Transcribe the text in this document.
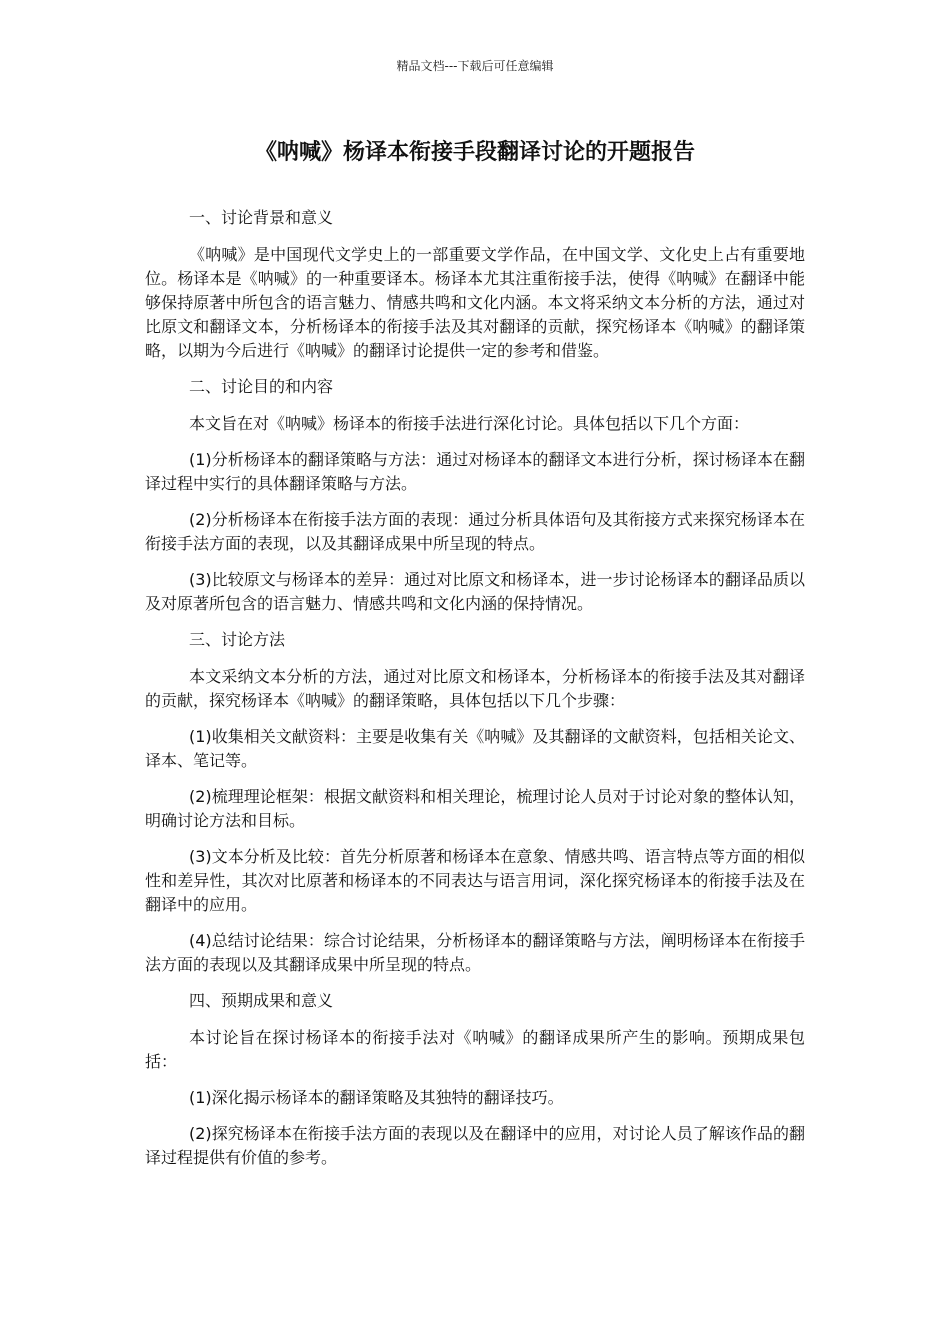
精品文档---下载后可任意编辑
《呐喊》杨译本衔接手段翻译讨论的开题报告

一、讨论背景和意义

《呐喊》是中国现代文学史上的一部重要文学作品，在中国文学、文化史上占有重要地位。杨译本是《呐喊》的一种重要译本。杨译本尤其注重衔接手法，使得《呐喊》在翻译中能够保持原著中所包含的语言魅力、情感共鸣和文化内涵。本文将采纳文本分析的方法，通过对比原文和翻译文本，分析杨译本的衔接手法及其对翻译的贡献，探究杨译本《呐喊》的翻译策略，以期为今后进行《呐喊》的翻译讨论提供一定的参考和借鉴。

二、讨论目的和内容

本文旨在对《呐喊》杨译本的衔接手法进行深化讨论。具体包括以下几个方面：

(1)分析杨译本的翻译策略与方法：通过对杨译本的翻译文本进行分析，探讨杨译本在翻译过程中实行的具体翻译策略与方法。

(2)分析杨译本在衔接手法方面的表现：通过分析具体语句及其衔接方式来探究杨译本在衔接手法方面的表现，以及其翻译成果中所呈现的特点。

(3)比较原文与杨译本的差异：通过对比原文和杨译本，进一步讨论杨译本的翻译品质以及对原著所包含的语言魅力、情感共鸣和文化内涵的保持情况。

三、讨论方法

本文采纳文本分析的方法，通过对比原文和杨译本，分析杨译本的衔接手法及其对翻译的贡献，探究杨译本《呐喊》的翻译策略，具体包括以下几个步骤：

(1)收集相关文献资料：主要是收集有关《呐喊》及其翻译的文献资料，包括相关论文、译本、笔记等。

(2)梳理理论框架：根据文献资料和相关理论，梳理讨论人员对于讨论对象的整体认知，明确讨论方法和目标。

(3)文本分析及比较：首先分析原著和杨译本在意象、情感共鸣、语言特点等方面的相似性和差异性，其次对比原著和杨译本的不同表达与语言用词，深化探究杨译本的衔接手法及在翻译中的应用。

(4)总结讨论结果：综合讨论结果，分析杨译本的翻译策略与方法，阐明杨译本在衔接手法方面的表现以及其翻译成果中所呈现的特点。

四、预期成果和意义

本讨论旨在探讨杨译本的衔接手法对《呐喊》的翻译成果所产生的影响。预期成果包括：

(1)深化揭示杨译本的翻译策略及其独特的翻译技巧。

(2)探究杨译本在衔接手法方面的表现以及在翻译中的应用，对讨论人员了解该作品的翻译过程提供有价值的参考。
